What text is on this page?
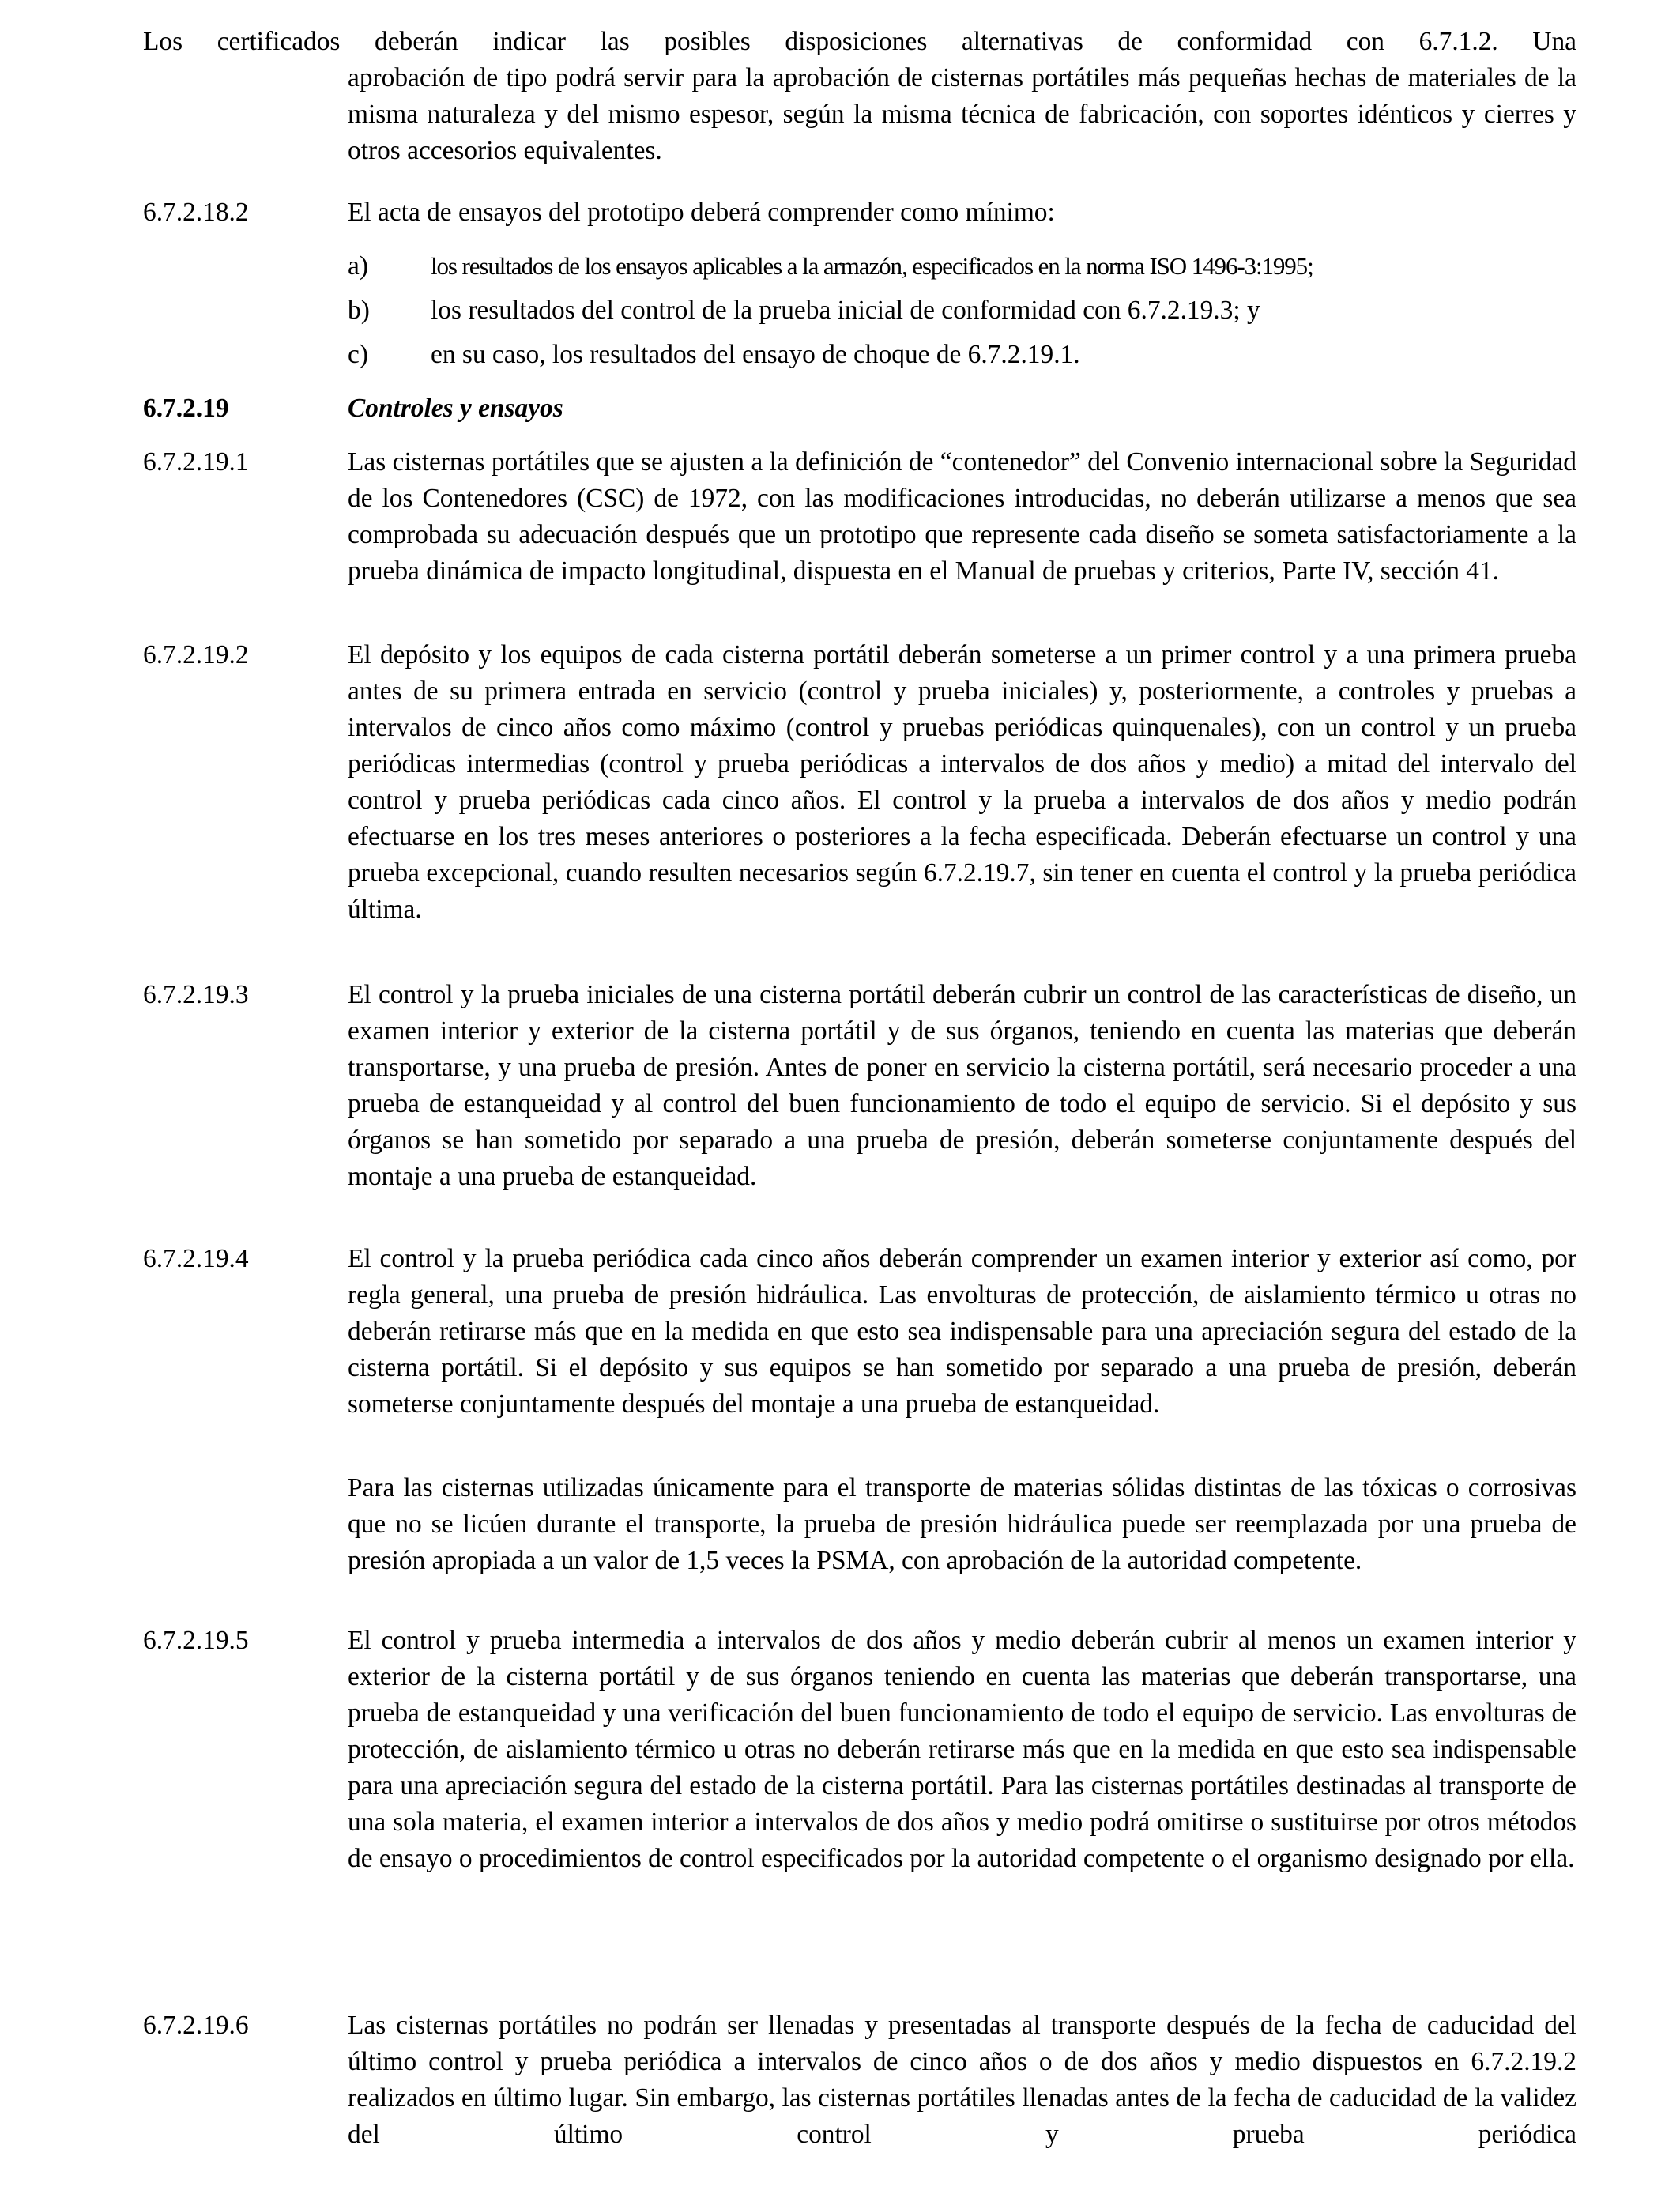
Los certificados deberán indicar las posibles disposiciones alternativas de conformidad con 6.7.1.2. Una
aprobación de tipo podrá servir para la aprobación de cisternas portátiles más pequeñas hechas de materiales de la misma naturaleza y del mismo espesor, según la misma técnica de fabricación, con soportes idénticos y cierres y otros accesorios equivalentes.
6.7.2.18.2	El acta de ensayos del prototipo deberá comprender como mínimo:
a)	los resultados de los ensayos aplicables a la armazón, especificados en la norma ISO 1496-3:1995;
b) los resultados del control de la prueba inicial de conformidad con 6.7.2.19.3; y
c) en su caso, los resultados del ensayo de choque de 6.7.2.19.1.
6.7.2.19	Controles y ensayos
6.7.2.19.1	Las cisternas portátiles que se ajusten a la definición de “contenedor” del Convenio internacional sobre la Seguridad de los Contenedores (CSC) de 1972, con las modificaciones introducidas, no deberán utilizarse a menos que sea comprobada su adecuación después que un prototipo que represente cada diseño se someta satisfactoriamente a la prueba dinámica de impacto longitudinal, dispuesta en el Manual de pruebas y criterios, Parte IV, sección 41.
6.7.2.19.2	El depósito y los equipos de cada cisterna portátil deberán someterse a un primer control y a una primera prueba antes de su primera entrada en servicio (control y prueba iniciales) y, posteriormente, a controles y pruebas a intervalos de cinco años como máximo (control y pruebas periódicas quinquenales), con un control y un prueba periódicas intermedias (control y prueba periódicas a intervalos de dos años y medio) a mitad del intervalo del control y prueba periódicas cada cinco años. El control y la prueba a intervalos de dos años y medio podrán efectuarse en los tres meses anteriores o posteriores a la fecha especificada. Deberán efectuarse un control y una prueba excepcional, cuando resulten necesarios según 6.7.2.19.7, sin tener en cuenta el control y la prueba periódica última.
6.7.2.19.3	El control y la prueba iniciales de una cisterna portátil deberán cubrir un control de las características de diseño, un examen interior y exterior de la cisterna portátil y de sus órganos, teniendo en cuenta las materias que deberán transportarse, y una prueba de presión. Antes de poner en servicio la cisterna portátil, será necesario proceder a una prueba de estanqueidad y al control del buen funcionamiento de todo el equipo de servicio. Si el depósito y sus órganos se han sometido por separado a una prueba de presión, deberán someterse conjuntamente después del montaje a una prueba de estanqueidad.
6.7.2.19.4	El control y la prueba periódica cada cinco años deberán comprender un examen interior y exterior así como, por regla general, una prueba de presión hidráulica. Las envolturas de protección, de aislamiento térmico u otras no deberán retirarse más que en la medida en que esto sea indispensable para una apreciación segura del estado de la cisterna portátil. Si el depósito y sus equipos se han sometido por separado a una prueba de presión, deberán someterse conjuntamente después del montaje a una prueba de estanqueidad.
Para las cisternas utilizadas únicamente para el transporte de materias sólidas distintas de las tóxicas o corrosivas que no se licúen durante el transporte, la prueba de presión hidráulica puede ser reemplazada por una prueba de presión apropiada a un valor de 1,5 veces la PSMA, con aprobación de la autoridad competente.
6.7.2.19.5	El control y prueba intermedia a intervalos de dos años y medio deberán cubrir al menos un examen interior y exterior de la cisterna portátil y de sus órganos teniendo en cuenta las materias que deberán transportarse, una prueba de estanqueidad y una verificación del buen funcionamiento de todo el equipo de servicio. Las envolturas de protección, de aislamiento térmico u otras no deberán retirarse más que en la medida en que esto sea indispensable para una apreciación segura del estado de la cisterna portátil. Para las cisternas portátiles destinadas al transporte de una sola materia, el examen interior a intervalos de dos años y medio podrá omitirse o sustituirse por otros métodos de ensayo o procedimientos de control especificados por la autoridad competente o el organismo designado por ella.
6.7.2.19.6	Las cisternas portátiles no podrán ser llenadas y presentadas al transporte después de la fecha de caducidad del último control y prueba periódica a intervalos de cinco años o de dos años y medio dispuestos en 6.7.2.19.2 realizados en último lugar. Sin embargo, las cisternas portátiles llenadas antes de la fecha de caducidad de la validez del último control y prueba periódica
